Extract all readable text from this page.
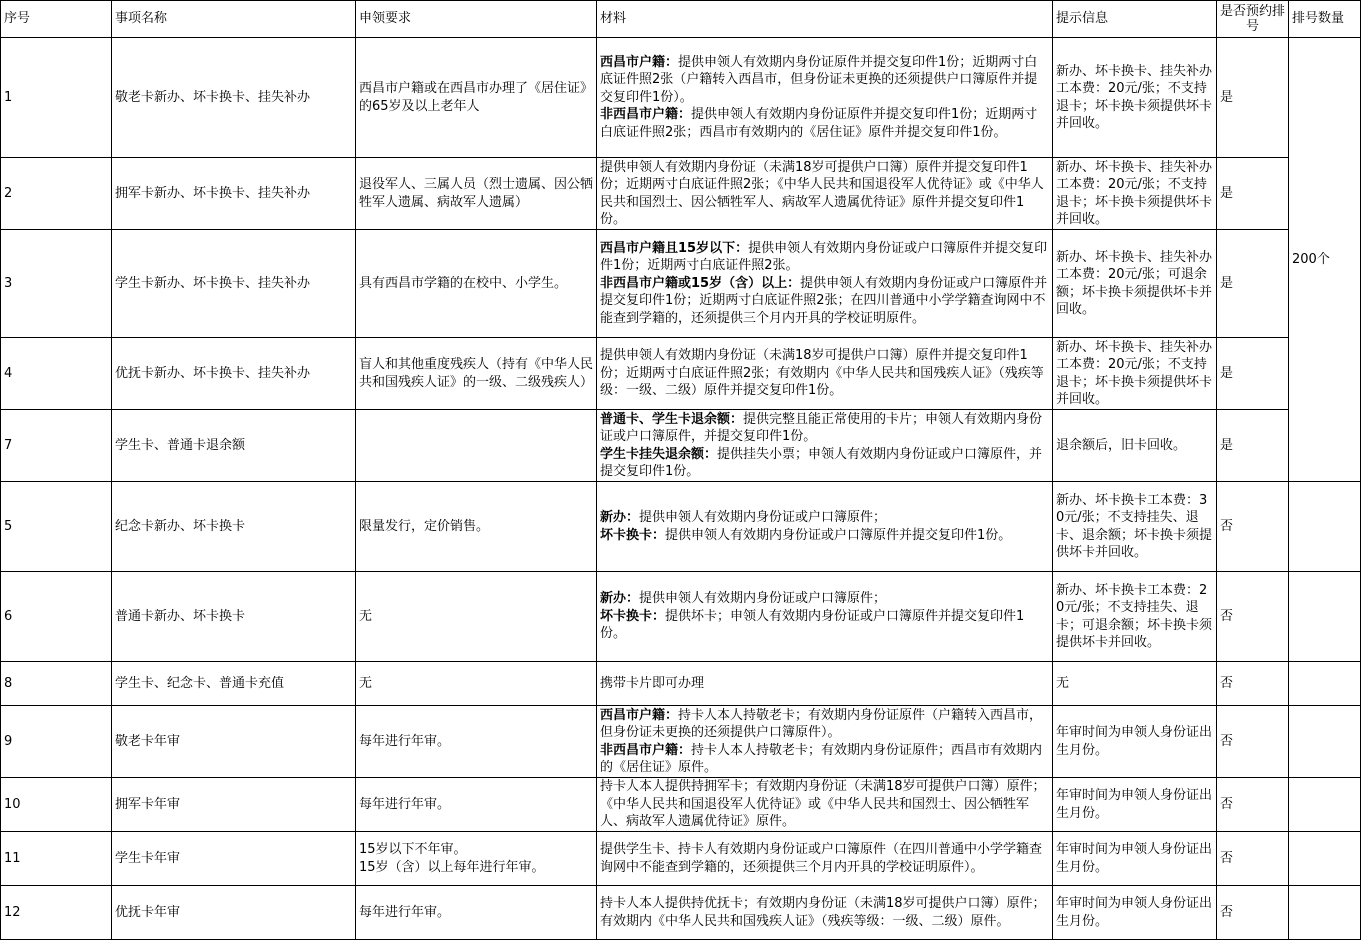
序号	事项名称	申领要求	材料	提示信息	是否预约排号	排号数量
1	敬老卡新办、坏卡换卡、挂失补办	西昌市户籍或在西昌市办理了《居住证》的65岁及以上老年人	西昌市户籍：提供申领人有效期内身份证原件并提交复印件1份；近期两寸白底证件照2张（户籍转入西昌市，但身份证未更换的还须提供户口簿原件并提交复印件1份）。
非西昌市户籍：提供申领人有效期内身份证原件并提交复印件1份；近期两寸白底证件照2张；西昌市有效期内的《居住证》原件并提交复印件1份。	新办、坏卡换卡、挂失补办工本费：20元/张；不支持退卡；坏卡换卡须提供坏卡并回收。	是	200个
2	拥军卡新办、坏卡换卡、挂失补办	退役军人、三属人员（烈士遗属、因公牺牲军人遗属、病故军人遗属）	提供申领人有效期内身份证（未满18岁可提供户口簿）原件并提交复印件1份；近期两寸白底证件照2张；《中华人民共和国退役军人优待证》或《中华人民共和国烈士、因公牺牲军人、病故军人遗属优待证》原件并提交复印件1份。	新办、坏卡换卡、挂失补办工本费：20元/张；不支持退卡；坏卡换卡须提供坏卡并回收。	是	
3	学生卡新办、坏卡换卡、挂失补办	具有西昌市学籍的在校中、小学生。	西昌市户籍且15岁以下：提供申领人有效期内身份证或户口簿原件并提交复印件1份；近期两寸白底证件照2张。
非西昌市户籍或15岁（含）以上：提供申领人有效期内身份证或户口簿原件并提交复印件1份；近期两寸白底证件照2张；在四川普通中小学学籍查询网中不能查到学籍的，还须提供三个月内开具的学校证明原件。	新办、坏卡换卡、挂失补办工本费：20元/张；可退余额；坏卡换卡须提供坏卡并回收。	是	
4	优抚卡新办、坏卡换卡、挂失补办	盲人和其他重度残疾人（持有《中华人民共和国残疾人证》的一级、二级残疾人）	提供申领人有效期内身份证（未满18岁可提供户口簿）原件并提交复印件1份；近期两寸白底证件照2张；有效期内《中华人民共和国残疾人证》（残疾等级：一级、二级）原件并提交复印件1份。	新办、坏卡换卡、挂失补办工本费：20元/张；不支持退卡；坏卡换卡须提供坏卡并回收。	是	
7	学生卡、普通卡退余额		普通卡、学生卡退余额：提供完整且能正常使用的卡片；申领人有效期内身份证或户口簿原件，并提交复印件1份。
学生卡挂失退余额：提供挂失小票；申领人有效期内身份证或户口簿原件，并提交复印件1份。	退余额后，旧卡回收。	是	
5	纪念卡新办、坏卡换卡	限量发行，定价销售。	新办：提供申领人有效期内身份证或户口簿原件；
坏卡换卡：提供申领人有效期内身份证或户口簿原件并提交复印件1份。	新办、坏卡换卡工本费：30元/张；不支持挂失、退卡、退余额；坏卡换卡须提供坏卡并回收。	否	
6	普通卡新办、坏卡换卡	无	新办：提供申领人有效期内身份证或户口簿原件；
坏卡换卡：提供坏卡；申领人有效期内身份证或户口簿原件并提交复印件1份。	新办、坏卡换卡工本费：20元/张；不支持挂失、退卡；可退余额；坏卡换卡须提供坏卡并回收。	否	
8	学生卡、纪念卡、普通卡充值	无	携带卡片即可办理	无	否	
9	敬老卡年审	每年进行年审。	西昌市户籍：持卡人本人持敬老卡；有效期内身份证原件（户籍转入西昌市，但身份证未更换的还须提供户口簿原件）。
非西昌市户籍：持卡人本人持敬老卡；有效期内身份证原件；西昌市有效期内的《居住证》原件。	年审时间为申领人身份证出生月份。	否	
10	拥军卡年审	每年进行年审。	持卡人本人提供持拥军卡；有效期内身份证（未满18岁可提供户口簿）原件；《中华人民共和国退役军人优待证》或《中华人民共和国烈士、因公牺牲军人、病故军人遗属优待证》原件。	年审时间为申领人身份证出生月份。	否	
11	学生卡年审	15岁以下不年审。
15岁（含）以上每年进行年审。	提供学生卡、持卡人有效期内身份证或户口簿原件（在四川普通中小学学籍查询网中不能查到学籍的，还须提供三个月内开具的学校证明原件）。	年审时间为申领人身份证出生月份。	否	
12	优抚卡年审	每年进行年审。	持卡人本人提供持优抚卡；有效期内身份证（未满18岁可提供户口簿）原件；有效期内《中华人民共和国残疾人证》（残疾等级：一级、二级）原件。	年审时间为申领人身份证出生月份。	否	
